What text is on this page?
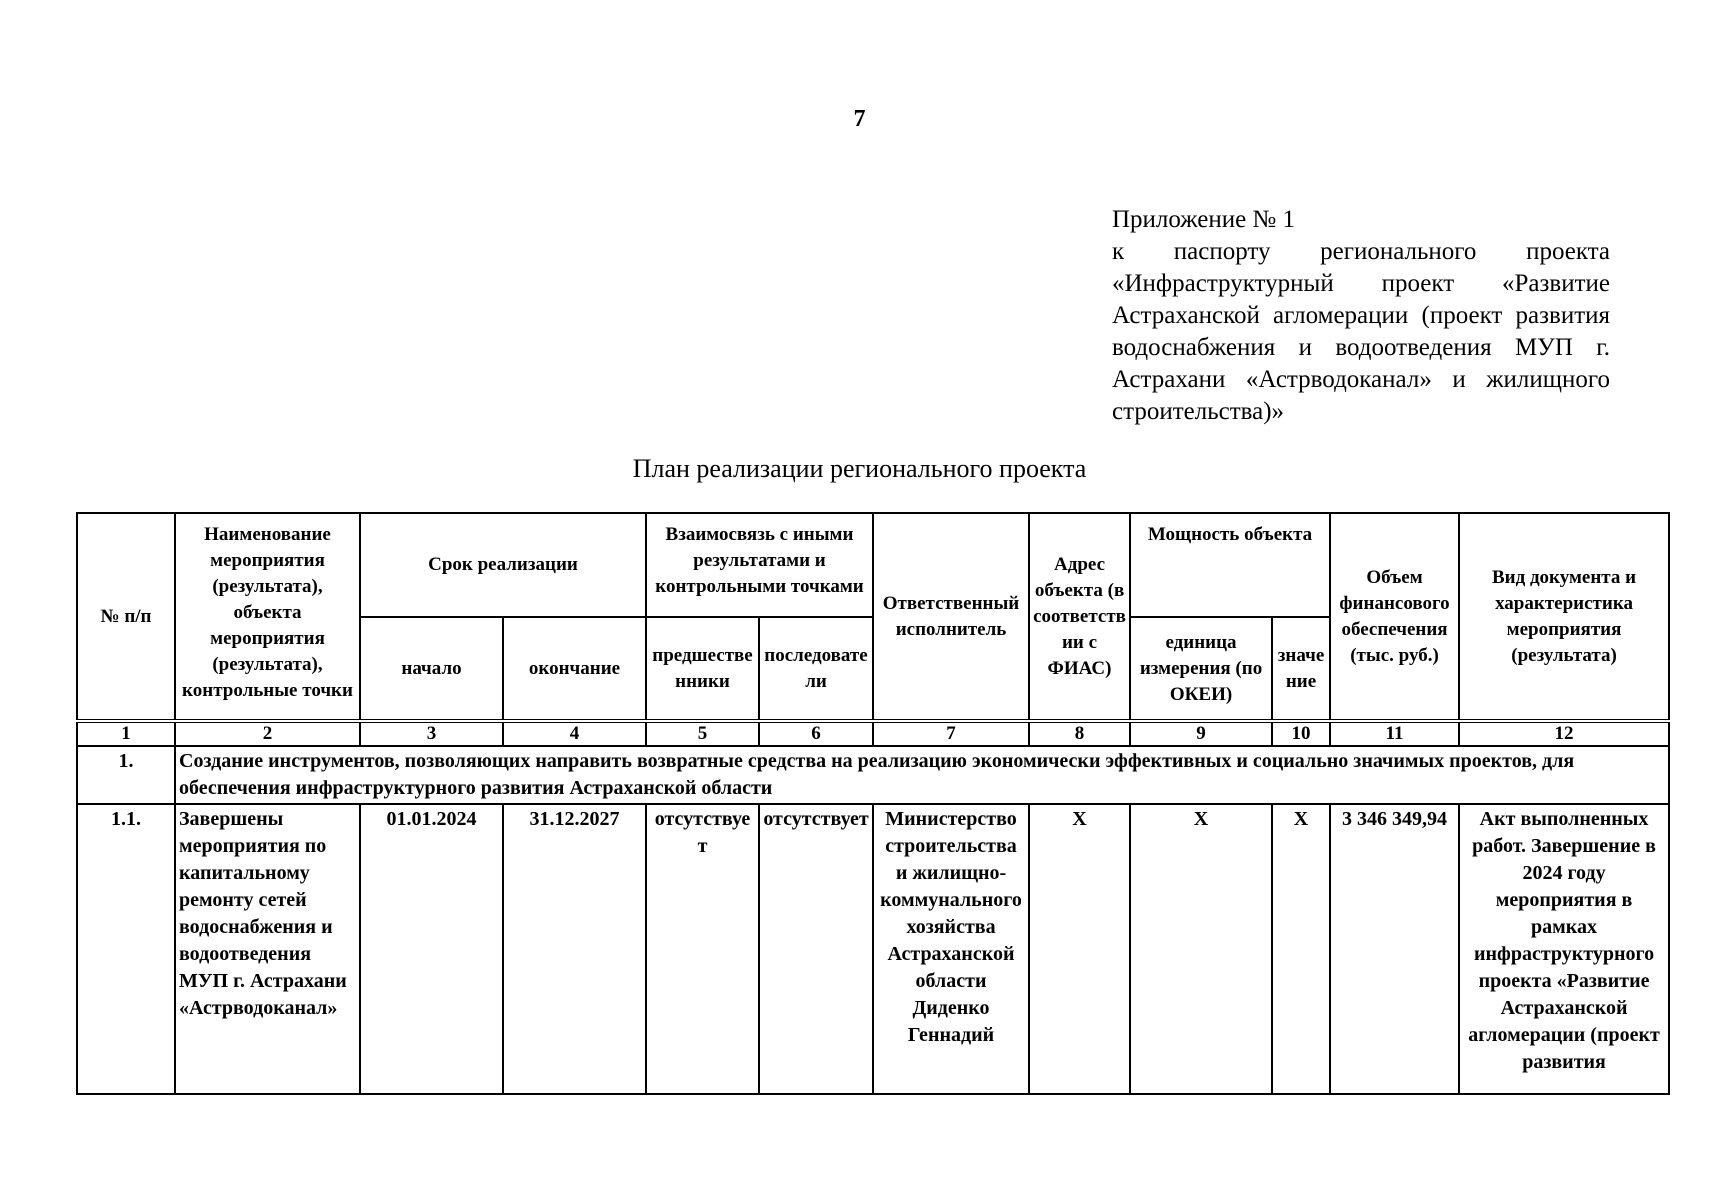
7
Приложение № 1
к паспорту регионального проекта «Инфраструктурный проект «Развитие Астраханской агломерации (проект развития водоснабжения и водоотведения МУП г. Астрахани «Астрводоканал» и жилищного строительства)»
План реализации регионального проекта
№ п/п	Наименование мероприятия (результата), объекта мероприятия (результата), контрольные точки	Срок реализации		Взаимосвязь с иными результатами и контрольными точками		Ответственный исполнитель	Адрес объекта (в соответствии с ФИАС)	Мощность объекта		Объем финансового обеспечения (тыс. руб.)	Вид документа и характеристика мероприятия (результата)
		начало	окончание	предшественники	последователи			единица измерения (по ОКЕИ)	значение		
1	2	3	4	5	6	7	8	9	10	11	12
1.	Создание инструментов, позволяющих направить возвратные средства на реализацию экономически эффективных и социально значимых проектов, для обеспечения инфраструктурного развития Астраханской области										
1.1.	Завершены мероприятия по капитальному ремонту сетей водоснабжения и водоотведения МУП г. Астрахани «Астрводоканал»	01.01.2024	31.12.2027	отсутствует	отсутствует	Министерство строительства и жилищно-коммунального хозяйства Астраханской области Диденко Геннадий	Х	Х	Х	3 346 349,94	Акт выполненных работ. Завершение в 2024 году мероприятия в рамках инфраструктурного проекта «Развитие Астраханской агломерации (проект развития
